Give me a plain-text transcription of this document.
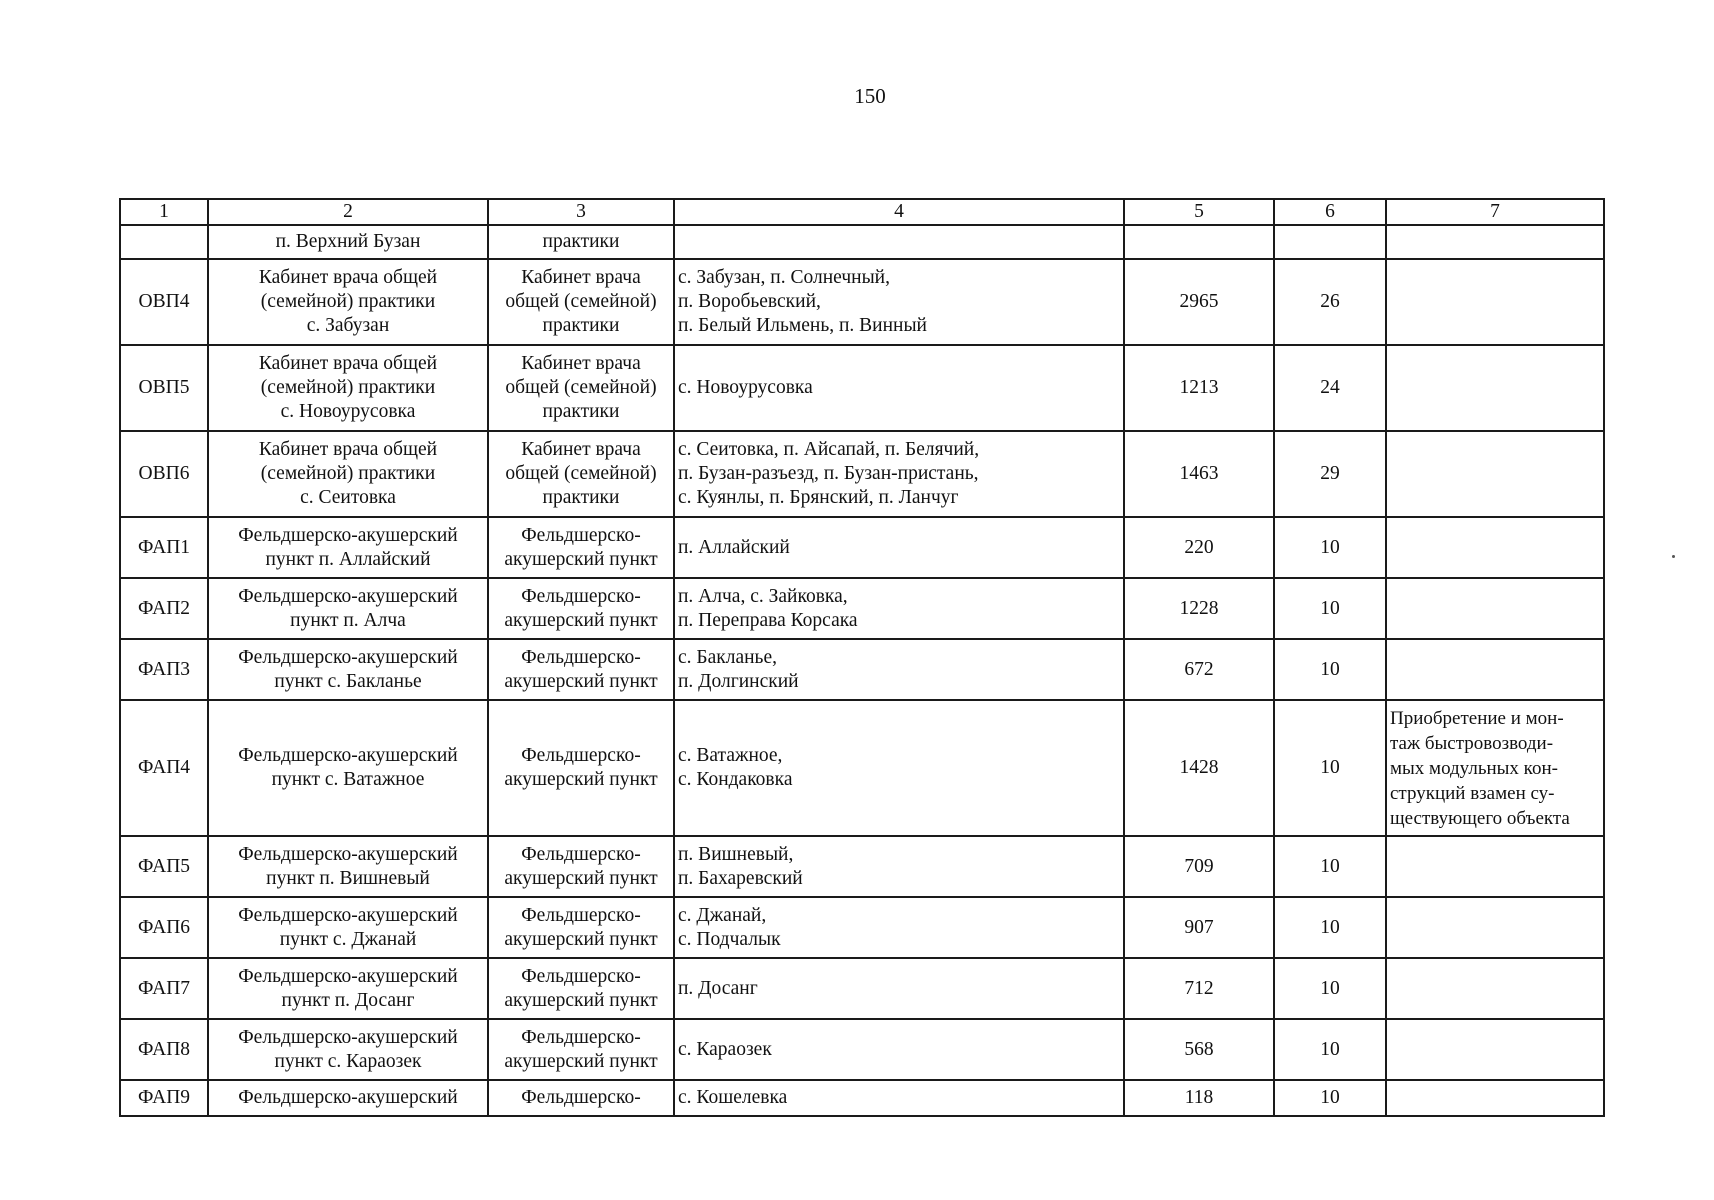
150
1	2	3	4	5	6	7

	п. Верхний Бузан	практики				

ОВП4	Кабинет врача общей
(семейной) практики
с. Забузан	Кабинет врача
общей (семейной)
практики	с. Забузан, п. Солнечный,
п. Воробьевский,
п. Белый Ильмень, п. Винный	2965	26	

ОВП5	Кабинет врача общей
(семейной) практики
с. Новоурусовка	Кабинет врача
общей (семейной)
практики	с. Новоурусовка	1213	24	

ОВП6	Кабинет врача общей
(семейной) практики
с. Сеитовка	Кабинет врача
общей (семейной)
практики	с. Сеитовка, п. Айсапай, п. Белячий,
п. Бузан-разъезд, п. Бузан-пристань,
с. Куянлы, п. Брянский, п. Ланчуг	1463	29	

ФАП1	Фельдшерско-акушерский
пункт п. Аллайский	Фельдшерско-
акушерский пункт	п. Аллайский	220	10	

ФАП2	Фельдшерско-акушерский
пункт п. Алча	Фельдшерско-
акушерский пункт	п. Алча, с. Зайковка,
п. Переправа Корсака	1228	10	

ФАП3	Фельдшерско-акушерский
пункт с. Бакланье	Фельдшерско-
акушерский пункт	с. Бакланье,
п. Долгинский	672	10	

ФАП4	Фельдшерско-акушерский
пункт с. Ватажное	Фельдшерско-
акушерский пункт	с. Ватажное,
с. Кондаковка	1428	10	Приобретение и мон-
таж быстровозводи-
мых модульных кон-
струкций взамен су-
ществующего объекта

ФАП5	Фельдшерско-акушерский
пункт п. Вишневый	Фельдшерско-
акушерский пункт	п. Вишневый,
п. Бахаревский	709	10	

ФАП6	Фельдшерско-акушерский
пункт с. Джанай	Фельдшерско-
акушерский пункт	с. Джанай,
с. Подчалык	907	10	

ФАП7	Фельдшерско-акушерский
пункт п. Досанг	Фельдшерско-
акушерский пункт	п. Досанг	712	10	

ФАП8	Фельдшерско-акушерский
пункт с. Караозек	Фельдшерско-
акушерский пункт	с. Караозек	568	10	

ФАП9	Фельдшерско-акушерский	Фельдшерско-	с. Кошелевка	118	10	
